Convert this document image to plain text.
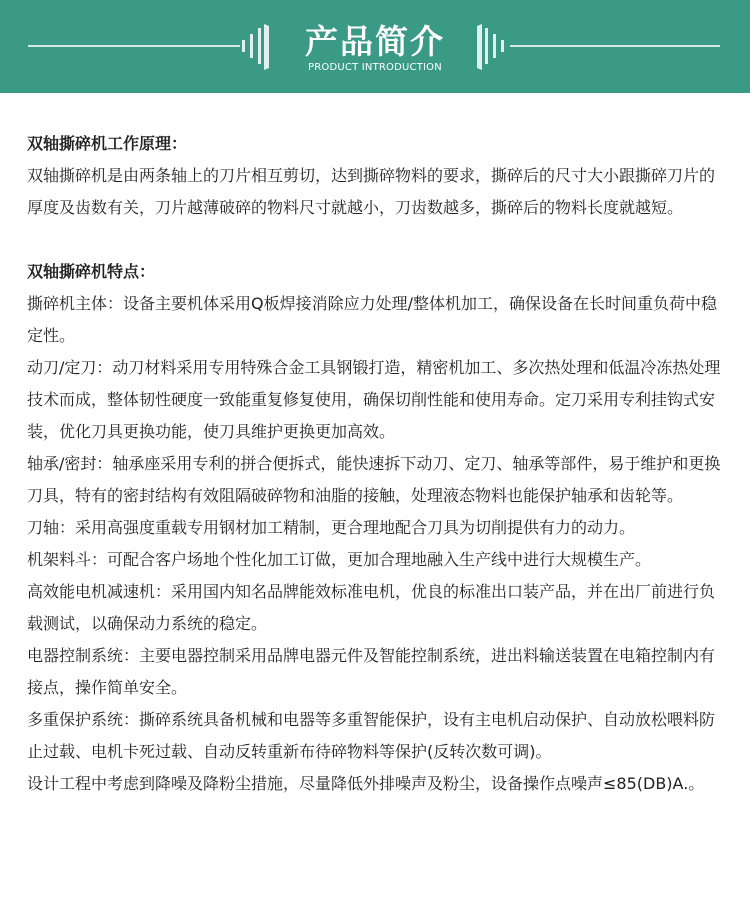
产品简介
PRODUCT INTRODUCTION

双轴撕碎机工作原理：

双轴撕碎机是由两条轴上的刀片相互剪切，达到撕碎物料的要求，撕碎后的尺寸大小跟撕碎刀片的厚度及齿数有关，刀片越薄破碎的物料尺寸就越小，刀齿数越多，撕碎后的物料长度就越短。

双轴撕碎机特点：

撕碎机主体：设备主要机体采用Q板焊接消除应力处理/整体机加工，确保设备在长时间重负荷中稳定性。

动刀/定刀：动刀材料采用专用特殊合金工具钢锻打造，精密机加工、多次热处理和低温冷冻热处理技术而成，整体韧性硬度一致能重复修复使用，确保切削性能和使用寿命。定刀采用专利挂钩式安装，优化刀具更换功能，使刀具维护更换更加高效。

轴承/密封：轴承座采用专利的拼合便拆式，能快速拆下动刀、定刀、轴承等部件，易于维护和更换刀具，特有的密封结构有效阻隔破碎物和油脂的接触，处理液态物料也能保护轴承和齿轮等。

刀轴：采用高强度重载专用钢材加工精制，更合理地配合刀具为切削提供有力的动力。

机架料斗：可配合客户场地个性化加工订做，更加合理地融入生产线中进行大规模生产。

高效能电机减速机：采用国内知名品牌能效标准电机，优良的标准出口装产品，并在出厂前进行负载测试，以确保动力系统的稳定。

电器控制系统：主要电器控制采用品牌电器元件及智能控制系统，进出料输送装置在电箱控制内有接点，操作简单安全。

多重保护系统：撕碎系统具备机械和电器等多重智能保护，设有主电机启动保护、自动放松喂料防止过载、电机卡死过载、自动反转重新布待碎物料等保护(反转次数可调)。

设计工程中考虑到降噪及降粉尘措施，尽量降低外排噪声及粉尘，设备操作点噪声≤85(DB)A.。
